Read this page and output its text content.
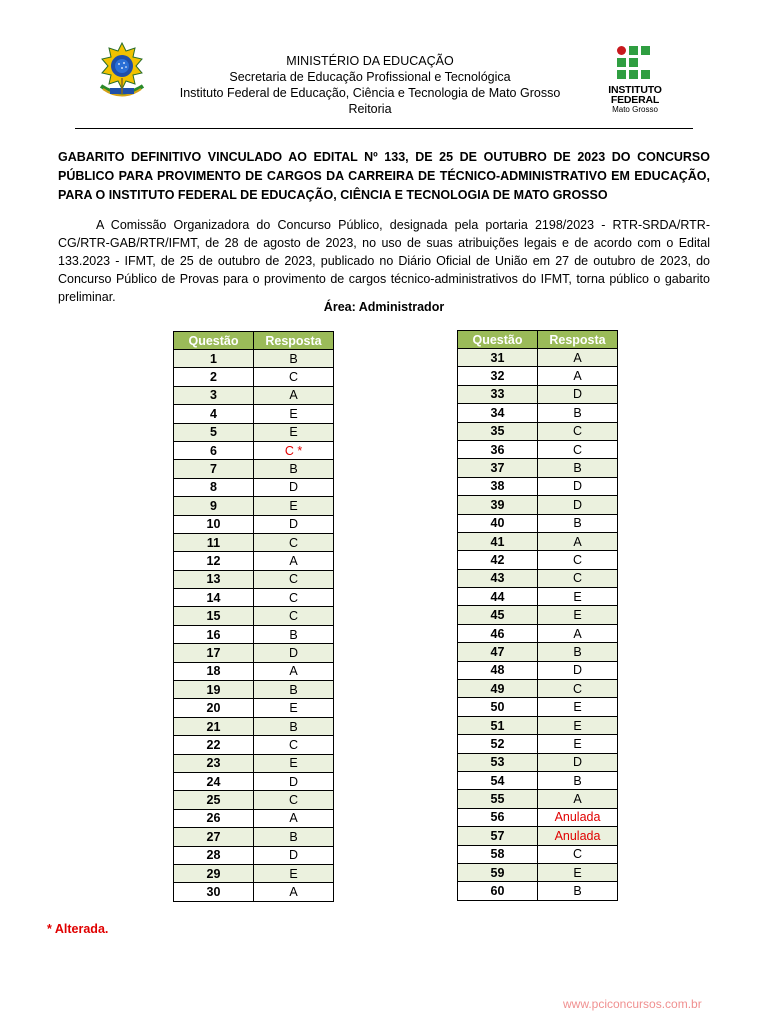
MINISTÉRIO DA EDUCAÇÃO
Secretaria de Educação Profissional e Tecnológica
Instituto Federal de Educação, Ciência e Tecnologia de Mato Grosso
Reitoria
INSTITUTO
FEDERAL
Mato Grosso
GABARITO DEFINITIVO VINCULADO AO EDITAL Nº 133, DE 25 DE OUTUBRO DE 2023 DO CONCURSO PÚBLICO PARA PROVIMENTO DE CARGOS DA CARREIRA DE TÉCNICO-ADMINISTRATIVO EM EDUCAÇÃO, PARA O INSTITUTO FEDERAL DE EDUCAÇÃO, CIÊNCIA E TECNOLOGIA DE MATO GROSSO
A Comissão Organizadora do Concurso Público, designada pela portaria 2198/2023 - RTR-SRDA/RTR-CG/RTR-GAB/RTR/IFMT, de 28 de agosto de 2023, no uso de suas atribuições legais e de acordo com o Edital 133.2023 - IFMT, de 25 de outubro de 2023, publicado no Diário Oficial de União em 27 de outubro de 2023, do Concurso Público de Provas para o provimento de cargos técnico-administrativos do IFMT, torna público o gabarito preliminar.
Área: Administrador
Questão	Resposta
1	B
2	C
3	A
4	E
5	E
6	C *
7	B
8	D
9	E
10	D
11	C
12	A
13	C
14	C
15	C
16	B
17	D
18	A
19	B
20	E
21	B
22	C
23	E
24	D
25	C
26	A
27	B
28	D
29	E
30	A
Questão	Resposta
31	A
32	A
33	D
34	B
35	C
36	C
37	B
38	D
39	D
40	B
41	A
42	C
43	C
44	E
45	E
46	A
47	B
48	D
49	C
50	E
51	E
52	E
53	D
54	B
55	A
56	Anulada
57	Anulada
58	C
59	E
60	B
* Alterada.
www.pciconcursos.com.br
